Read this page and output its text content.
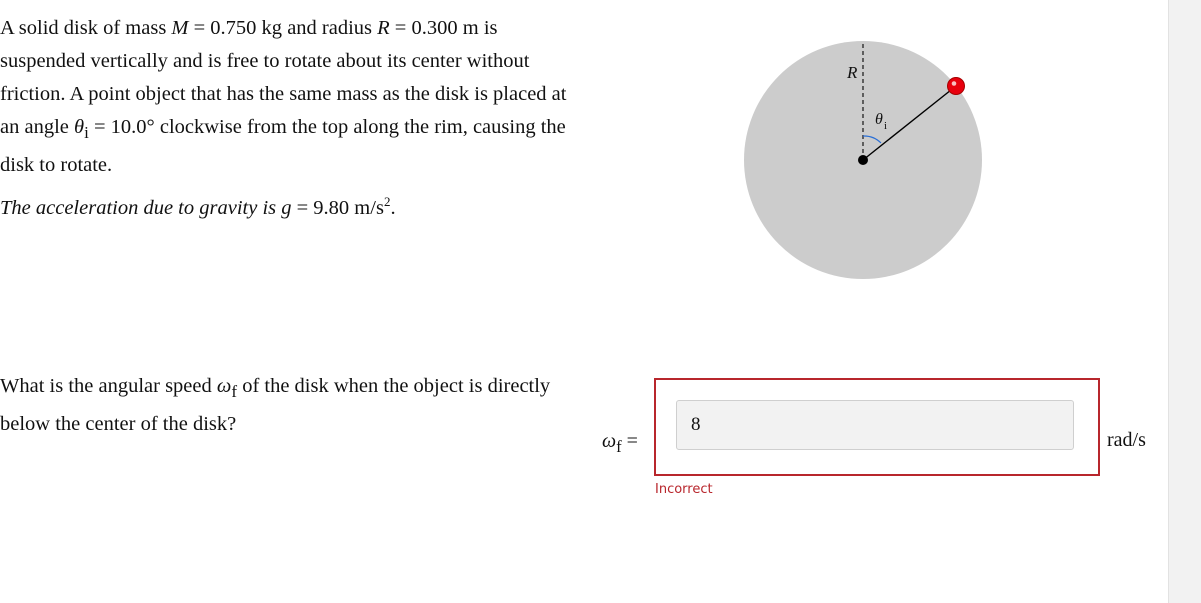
A solid disk of mass M = 0.750 kg and radius R = 0.300 m is suspended vertically and is free to rotate about its center without friction. A point object that has the same mass as the disk is placed at an angle $\theta_i = 10.0^\circ$ clockwise from the top along the rim, causing the disk to rotate.

The acceleration due to gravity is g = 9.80 $m/s^2$.

R
θ i

What is the angular speed $\omega_f$ of the disk when the object is directly below the center of the disk?

$\omega_f$ =
8	rad/s
Incorrect
